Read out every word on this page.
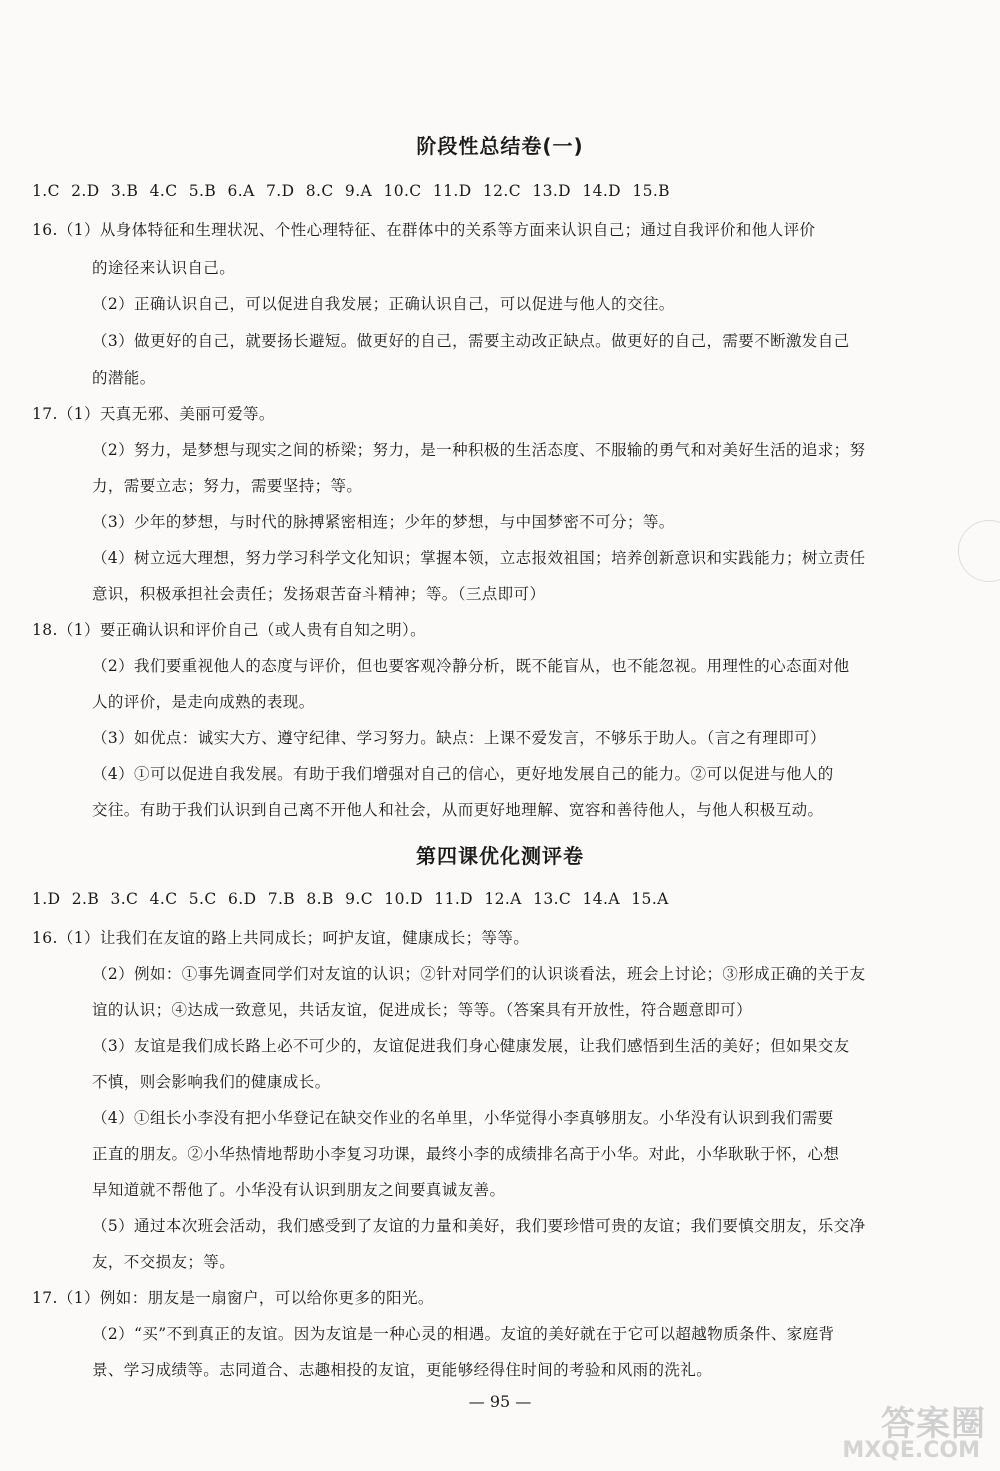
阶段性总结卷(一)
1.C 2.D 3.B 4.C 5.B 6.A 7.D 8.C 9.A 10.C 11.D 12.C 13.D 14.D 15.B
16.（1）从身体特征和生理状况、个性心理特征、在群体中的关系等方面来认识自己；通过自我评价和他人评价
的途径来认识自己。
（2）正确认识自己，可以促进自我发展；正确认识自己，可以促进与他人的交往。
（3）做更好的自己，就要扬长避短。做更好的自己，需要主动改正缺点。做更好的自己，需要不断激发自己
的潜能。
17.（1）天真无邪、美丽可爱等。
（2）努力，是梦想与现实之间的桥梁；努力，是一种积极的生活态度、不服输的勇气和对美好生活的追求；努
力，需要立志；努力，需要坚持；等。
（3）少年的梦想，与时代的脉搏紧密相连；少年的梦想，与中国梦密不可分；等。
（4）树立远大理想，努力学习科学文化知识；掌握本领，立志报效祖国；培养创新意识和实践能力；树立责任
意识，积极承担社会责任；发扬艰苦奋斗精神；等。（三点即可）
18.（1）要正确认识和评价自己（或人贵有自知之明）。
（2）我们要重视他人的态度与评价，但也要客观冷静分析，既不能盲从，也不能忽视。用理性的心态面对他
人的评价，是走向成熟的表现。
（3）如优点：诚实大方、遵守纪律、学习努力。缺点：上课不爱发言，不够乐于助人。（言之有理即可）
（4）①可以促进自我发展。有助于我们增强对自己的信心，更好地发展自己的能力。②可以促进与他人的
交往。有助于我们认识到自己离不开他人和社会，从而更好地理解、宽容和善待他人，与他人积极互动。
第四课优化测评卷
1.D 2.B 3.C 4.C 5.C 6.D 7.B 8.B 9.C 10.D 11.D 12.A 13.C 14.A 15.A
16.（1）让我们在友谊的路上共同成长；呵护友谊，健康成长；等等。
（2）例如：①事先调查同学们对友谊的认识；②针对同学们的认识谈看法，班会上讨论；③形成正确的关于友
谊的认识；④达成一致意见，共话友谊，促进成长；等等。（答案具有开放性，符合题意即可）
（3）友谊是我们成长路上必不可少的，友谊促进我们身心健康发展，让我们感悟到生活的美好；但如果交友
不慎，则会影响我们的健康成长。
（4）①组长小李没有把小华登记在缺交作业的名单里，小华觉得小李真够朋友。小华没有认识到我们需要
正直的朋友。②小华热情地帮助小李复习功课，最终小李的成绩排名高于小华。对此，小华耿耿于怀，心想
早知道就不帮他了。小华没有认识到朋友之间要真诚友善。
（5）通过本次班会活动，我们感受到了友谊的力量和美好，我们要珍惜可贵的友谊；我们要慎交朋友，乐交净
友，不交损友；等。
17.（1）例如：朋友是一扇窗户，可以给你更多的阳光。
（2）“买”不到真正的友谊。因为友谊是一种心灵的相遇。友谊的美好就在于它可以超越物质条件、家庭背
景、学习成绩等。志同道合、志趣相投的友谊，更能够经得住时间的考验和风雨的洗礼。
— 95 —
答案圈
MXQE.COM
